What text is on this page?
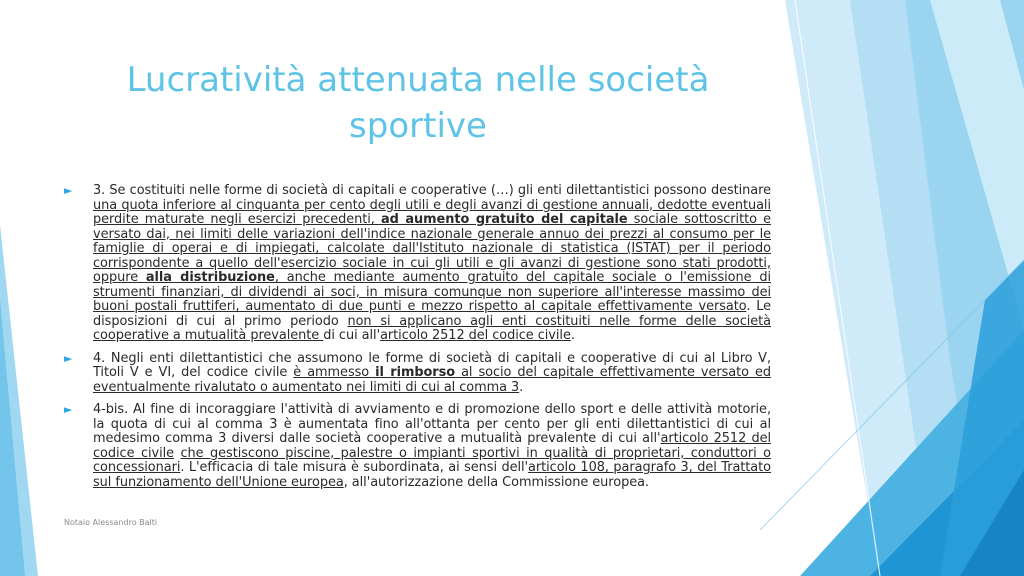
Lucratività attenuata nelle società sportive
►	3. Se costituiti nelle forme di società di capitali e cooperative (…) gli enti dilettantistici possono destinare una quota inferiore al cinquanta per cento degli utili e degli avanzi di gestione annuali, dedotte eventuali perdite maturate negli esercizi precedenti, ad aumento gratuito del capitale sociale sottoscritto e versato dai, nei limiti delle variazioni dell'indice nazionale generale annuo dei prezzi al consumo per le famiglie di operai e di impiegati, calcolate dall'Istituto nazionale di statistica (ISTAT) per il periodo corrispondente a quello dell'esercizio sociale in cui gli utili e gli avanzi di gestione sono stati prodotti, oppure alla distribuzione, anche mediante aumento gratuito del capitale sociale o l'emissione di strumenti finanziari, di dividendi ai soci, in misura comunque non superiore all'interesse massimo dei buoni postali fruttiferi, aumentato di due punti e mezzo rispetto al capitale effettivamente versato. Le disposizioni di cui al primo periodo non si applicano agli enti costituiti nelle forme delle società cooperative a mutualità prevalente di cui all'articolo 2512 del codice civile.
►	4. Negli enti dilettantistici che assumono le forme di società di capitali e cooperative di cui al Libro V, Titoli V e VI, del codice civile è ammesso il rimborso al socio del capitale effettivamente versato ed eventualmente rivalutato o aumentato nei limiti di cui al comma 3.
►	4-bis. Al fine di incoraggiare l'attività di avviamento e di promozione dello sport e delle attività motorie, la quota di cui al comma 3 è aumentata fino all'ottanta per cento per gli enti dilettantistici di cui al medesimo comma 3 diversi dalle società cooperative a mutualità prevalente di cui all'articolo 2512 del codice civile che gestiscono piscine, palestre o impianti sportivi in qualità di proprietari, conduttori o concessionari. L'efficacia di tale misura è subordinata, ai sensi dell'articolo 108, paragrafo 3, del Trattato sul funzionamento dell'Unione europea, all'autorizzazione della Commissione europea.
Notaio Alessandro Balti
